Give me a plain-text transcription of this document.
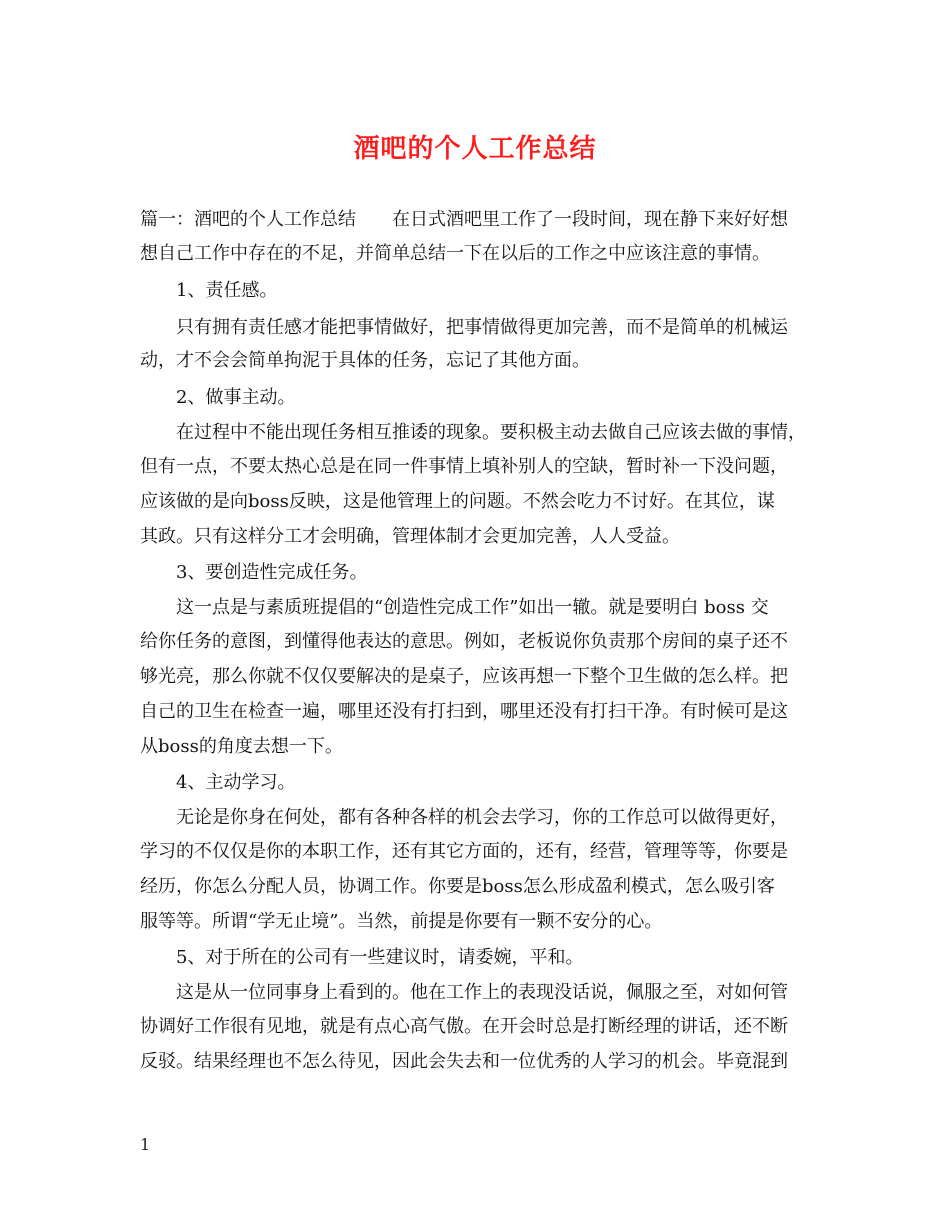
酒吧的个人工作总结
篇一：酒吧的个人工作总结　　在日式酒吧里工作了一段时间，现在静下来好好想
想自己工作中存在的不足，并简单总结一下在以后的工作之中应该注意的事情。
1、责任感。
只有拥有责任感才能把事情做好，把事情做得更加完善，而不是简单的机械运
动，才不会会简单拘泥于具体的任务，忘记了其他方面。
2、做事主动。
在过程中不能出现任务相互推诿的现象。要积极主动去做自己应该去做的事情，
但有一点，不要太热心总是在同一件事情上填补别人的空缺，暂时补一下没问题，
应该做的是向boss反映，这是他管理上的问题。不然会吃力不讨好。在其位，谋
其政。只有这样分工才会明确，管理体制才会更加完善，人人受益。
3、要创造性完成任务。
这一点是与素质班提倡的“创造性完成工作”如出一辙。就是要明白 boss 交
给你任务的意图，到懂得他表达的意思。例如，老板说你负责那个房间的桌子还不
够光亮，那么你就不仅仅要解决的是桌子，应该再想一下整个卫生做的怎么样。把
自己的卫生在检查一遍，哪里还没有打扫到，哪里还没有打扫干净。有时候可是这
从boss的角度去想一下。
4、主动学习。
无论是你身在何处，都有各种各样的机会去学习，你的工作总可以做得更好，
学习的不仅仅是你的本职工作，还有其它方面的，还有，经营，管理等等，你要是
经历，你怎么分配人员，协调工作。你要是boss怎么形成盈利模式，怎么吸引客
服等等。所谓“学无止境”。当然，前提是你要有一颗不安分的心。
5、对于所在的公司有一些建议时，请委婉，平和。
这是从一位同事身上看到的。他在工作上的表现没话说，佩服之至，对如何管
协调好工作很有见地，就是有点心高气傲。在开会时总是打断经理的讲话，还不断
反驳。结果经理也不怎么待见，因此会失去和一位优秀的人学习的机会。毕竟混到
1
